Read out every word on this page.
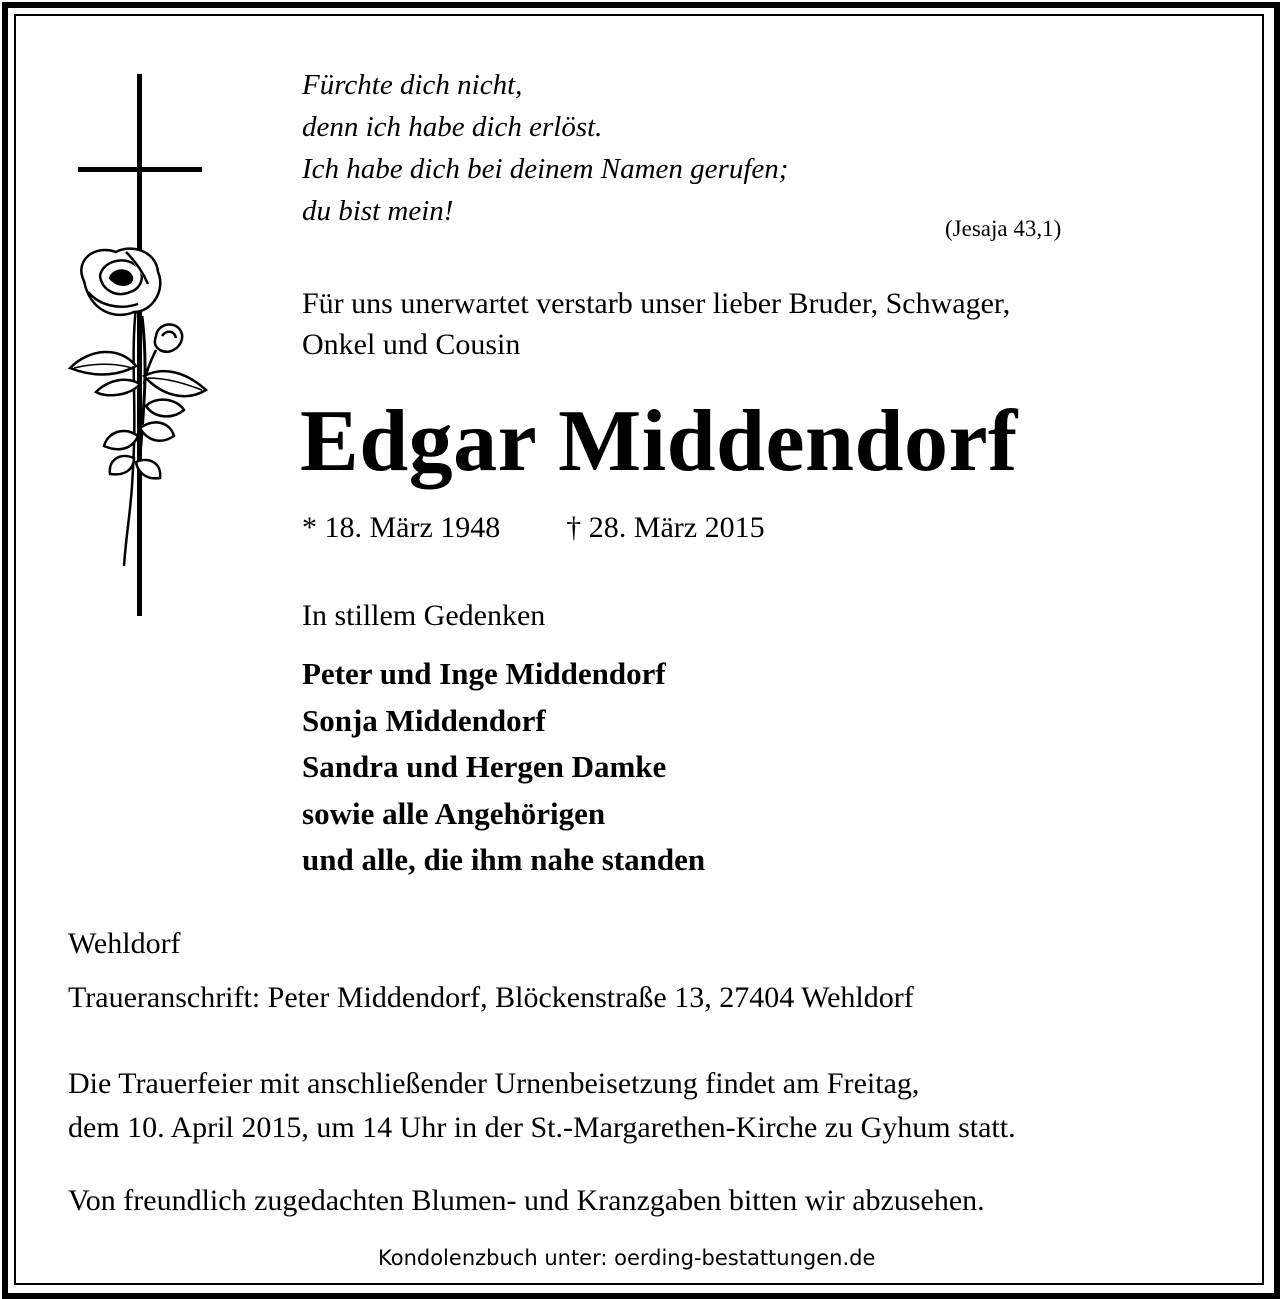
Fürchte dich nicht,
denn ich habe dich erlöst.
Ich habe dich bei deinem Namen gerufen;
du bist mein!
(Jesaja 43,1)
Für uns unerwartet verstarb unser lieber Bruder, Schwager,
Onkel und Cousin
Edgar Middendorf
* 18. März 1948 † 28. März 2015
In stillem Gedenken
Peter und Inge Middendorf
Sonja Middendorf
Sandra und Hergen Damke
sowie alle Angehörigen
und alle, die ihm nahe standen
Wehldorf
Traueranschrift: Peter Middendorf, Blöckenstraße 13, 27404 Wehldorf
Die Trauerfeier mit anschließender Urnenbeisetzung findet am Freitag,
dem 10. April 2015, um 14 Uhr in der St.-Margarethen-Kirche zu Gyhum statt.
Von freundlich zugedachten Blumen- und Kranzgaben bitten wir abzusehen.
Kondolenzbuch unter: oerding-bestattungen.de
